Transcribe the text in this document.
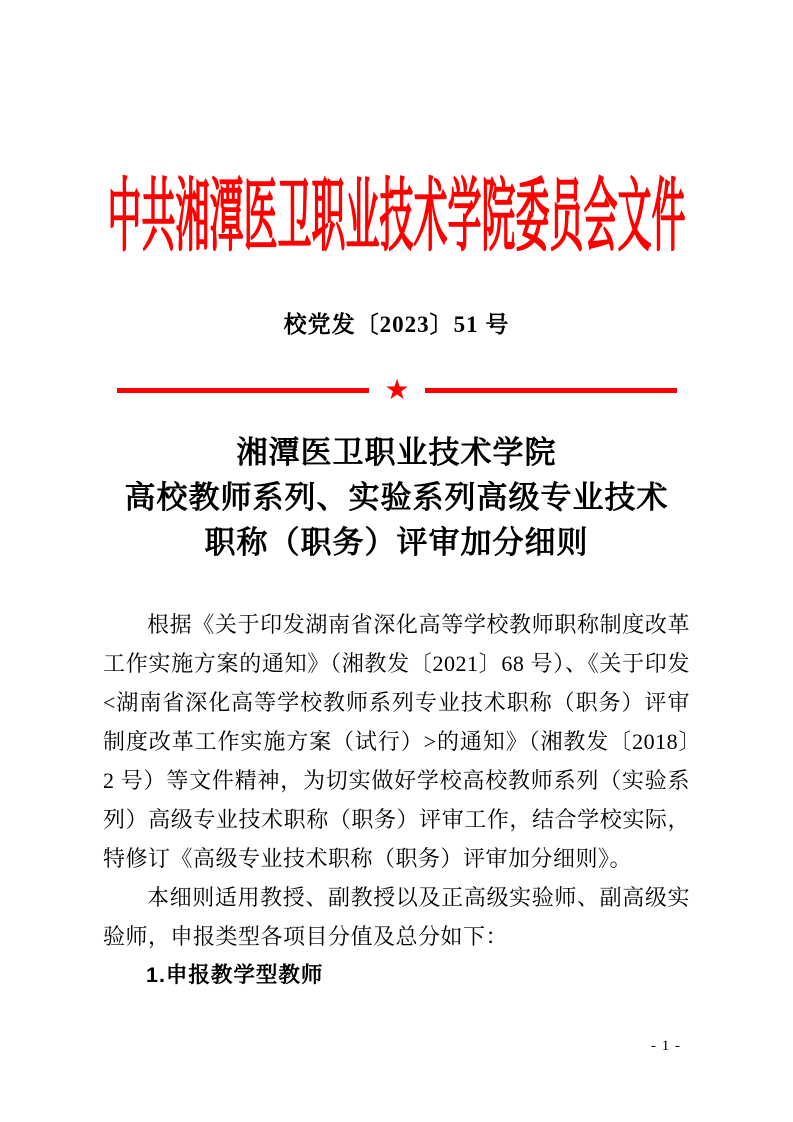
中共湘潭医卫职业技术学院委员会文件
校党发〔2023〕51 号
★
湘潭医卫职业技术学院
高校教师系列、实验系列高级专业技术
职称（职务）评审加分细则

根据《关于印发湖南省深化高等学校教师职称制度改革工作实施方案的通知》（湘教发〔2021〕68 号）、《关于印发<湖南省深化高等学校教师系列专业技术职称（职务）评审制度改革工作实施方案（试行）>的通知》（湘教发〔2018〕2 号）等文件精神，为切实做好学校高校教师系列（实验系列）高级专业技术职称（职务）评审工作，结合学校实际，特修订《高级专业技术职称（职务）评审加分细则》。

本细则适用教授、副教授以及正高级实验师、副高级实验师，申报类型各项目分值及总分如下：

1.申报教学型教师

- 1 -
